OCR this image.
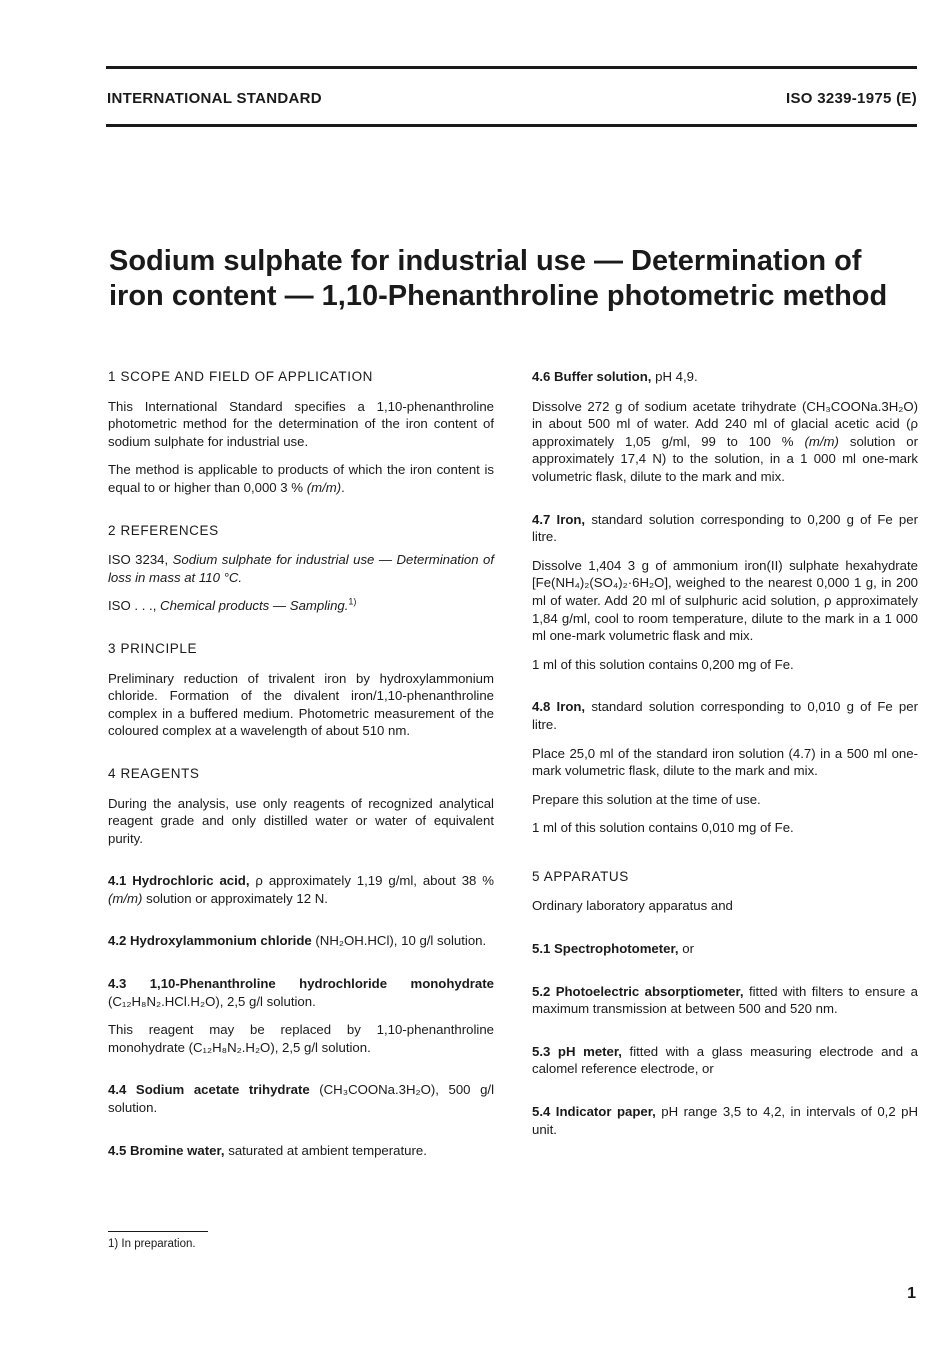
INTERNATIONAL STANDARD	ISO 3239-1975 (E)
Sodium sulphate for industrial use — Determination of
iron content — 1,10-Phenanthroline photometric method
1 SCOPE AND FIELD OF APPLICATION

This International Standard specifies a 1,10-phenanthroline photometric method for the determination of the iron content of sodium sulphate for industrial use.

The method is applicable to products of which the iron content is equal to or higher than 0,000 3 % (m/m).

2 REFERENCES

ISO 3234, Sodium sulphate for industrial use — Determination of loss in mass at 110 °C.

ISO . . ., Chemical products — Sampling.$^{1)}$

3 PRINCIPLE

Preliminary reduction of trivalent iron by hydroxylammonium chloride. Formation of the divalent iron/1,10-phenanthroline complex in a buffered medium. Photometric measurement of the coloured complex at a wavelength of about 510 nm.

4 REAGENTS

During the analysis, use only reagents of recognized analytical reagent grade and only distilled water or water of equivalent purity.

4.1 Hydrochloric acid, ρ approximately 1,19 g/ml, about 38 % (m/m) solution or approximately 12 N.

4.2 Hydroxylammonium chloride (NH₂OH.HCl), 10 g/l solution.

4.3 1,10-Phenanthroline hydrochloride monohydrate (C₁₂H₈N₂.HCl.H₂O), 2,5 g/l solution.

This reagent may be replaced by 1,10-phenanthroline monohydrate (C₁₂H₈N₂.H₂O), 2,5 g/l solution.

4.4 Sodium acetate trihydrate (CH₃COONa.3H₂O), 500 g/l solution.

4.5 Bromine water, saturated at ambient temperature.

4.6 Buffer solution, pH 4,9.

Dissolve 272 g of sodium acetate trihydrate (CH₃COONa.3H₂O) in about 500 ml of water. Add 240 ml of glacial acetic acid (ρ approximately 1,05 g/ml, 99 to 100 % (m/m) solution or approximately 17,4 N) to the solution, in a 1 000 ml one-mark volumetric flask, dilute to the mark and mix.

4.7 Iron, standard solution corresponding to 0,200 g of Fe per litre.

Dissolve 1,404 3 g of ammonium iron(II) sulphate hexahydrate [Fe(NH₄)₂(SO₄)₂·6H₂O], weighed to the nearest 0,000 1 g, in 200 ml of water. Add 20 ml of sulphuric acid solution, ρ approximately 1,84 g/ml, cool to room temperature, dilute to the mark in a 1 000 ml one-mark volumetric flask and mix.

1 ml of this solution contains 0,200 mg of Fe.

4.8 Iron, standard solution corresponding to 0,010 g of Fe per litre.

Place 25,0 ml of the standard iron solution (4.7) in a 500 ml one-mark volumetric flask, dilute to the mark and mix.

Prepare this solution at the time of use.

1 ml of this solution contains 0,010 mg of Fe.

5 APPARATUS

Ordinary laboratory apparatus and

5.1 Spectrophotometer, or

5.2 Photoelectric absorptiometer, fitted with filters to ensure a maximum transmission at between 500 and 520 nm.

5.3 pH meter, fitted with a glass measuring electrode and a calomel reference electrode, or

5.4 Indicator paper, pH range 3,5 to 4,2, in intervals of 0,2 pH unit.

1) In preparation.
1
